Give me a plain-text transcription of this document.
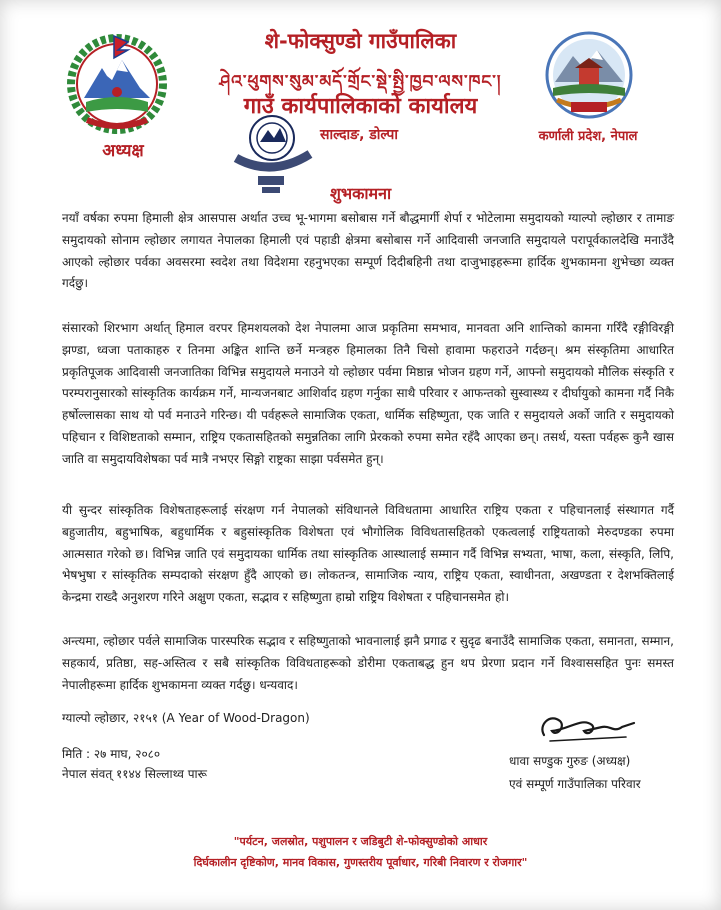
अध्यक्ष
शे-फोक्सुण्डो गाउँपालिका
ཤེའ་ཕུགས་སུམ་མདོ་གྲོང་སྡེ་སྤྱི་ཁྱབ་ལས་ཁང་།
गाउँ कार्यपालिकाको कार्यालय
साल्दाङ, डोल्पा	कर्णाली प्रदेश, नेपाल
शुभकामना
नयाँ वर्षका रुपमा हिमाली क्षेत्र आसपास अर्थात उच्च भू-भागमा बसोबास गर्ने बौद्धमार्गी शेर्पा र भोटेलामा समुदायको ग्याल्पो ल्होछार र तामाङ समुदायको सोनाम ल्होछार लगायत नेपालका हिमाली एवं पहाडी क्षेत्रमा बसोबास गर्ने आदिवासी जनजाति समुदायले परापूर्वकालदेखि मनाउँदै आएको ल्होछार पर्वका अवसरमा स्वदेश तथा विदेशमा रहनुभएका सम्पूर्ण दिदीबहिनी तथा दाजुभाइहरूमा हार्दिक शुभकामना शुभेच्छा व्यक्त गर्दछु।
संसारको शिरभाग अर्थात् हिमाल वरपर हिमशयलको देश नेपालमा आज प्रकृतिमा समभाव, मानवता अनि शान्तिको कामना गरिँदै रङ्गीविरङ्गी झण्डा, ध्वजा पताकाहरु र तिनमा अङ्कित शान्ति छर्ने मन्त्रहरु हिमालका तिनै चिसो हावामा फहराउने गर्दछन्। श्रम संस्कृतिमा आधारित प्रकृतिपूजक आदिवासी जनजातिका विभिन्न समुदायले मनाउने यो ल्होछार पर्वमा मिष्ठान्न भोजन ग्रहण गर्ने, आफ्नो समुदायको मौलिक संस्कृति र परम्परानुसारको सांस्कृतिक कार्यक्रम गर्ने, मान्यजनबाट आशिर्वाद ग्रहण गर्नुका साथै परिवार र आफन्तको सुस्वास्थ्य र दीर्घायुको कामना गर्दै निकै हर्षोल्लासका साथ यो पर्व मनाउने गरिन्छ। यी पर्वहरूले सामाजिक एकता, धार्मिक सहिष्णुता, एक जाति र समुदायले अर्को जाति र समुदायको पहिचान र विशिष्टताको सम्मान, राष्ट्रिय एकतासहितको समुन्नतिका लागि प्रेरकको रुपमा समेत रहँदै आएका छन्। तसर्थ, यस्ता पर्वहरू कुनै खास जाति वा समुदायविशेषका पर्व मात्रै नभएर सिङ्गो राष्ट्रका साझा पर्वसमेत हुन्।
यी सुन्दर सांस्कृतिक विशेषताहरूलाई संरक्षण गर्न नेपालको संविधानले विविधतामा आधारित राष्ट्रिय एकता र पहिचानलाई संस्थागत गर्दै बहुजातीय, बहुभाषिक, बहुधार्मिक र बहुसांस्कृतिक विशेषता एवं भौगोलिक विविधतासहितको एकत्वलाई राष्ट्रियताको मेरुदण्डका रुपमा आत्मसात गरेको छ। विभिन्न जाति एवं समुदायका धार्मिक तथा सांस्कृतिक आस्थालाई सम्मान गर्दै विभिन्न सभ्यता, भाषा, कला, संस्कृति, लिपि, भेषभुषा र सांस्कृतिक सम्पदाको संरक्षण हुँदै आएको छ। लोकतन्त्र, सामाजिक न्याय, राष्ट्रिय एकता, स्वाधीनता, अखण्डता र देशभक्तिलाई केन्द्रमा राख्दै अनुशरण गरिने अक्षुण एकता, सद्भाव र सहिष्णुता हाम्रो राष्ट्रिय विशेषता र पहिचानसमेत हो।
अन्त्यमा, ल्होछार पर्वले सामाजिक पारस्परिक सद्भाव र सहिष्णुताको भावनालाई झनै प्रगाढ र सुदृढ बनाउँदै सामाजिक एकता, समानता, सम्मान, सहकार्य, प्रतिष्ठा, सह-अस्तित्व र सबै सांस्कृतिक विविधताहरूको डोरीमा एकताबद्ध हुन थप प्रेरणा प्रदान गर्ने विश्वाससहित पुनः समस्त नेपालीहरूमा हार्दिक शुभकामना व्यक्त गर्दछु। धन्यवाद।
ग्याल्पो ल्होछार, २१५१ (A Year of Wood-Dragon)
मिति : २७ माघ, २०८०
नेपाल संवत् ११४४ सिल्लाथ्व पारू
धावा सण्डुक गुरुङ (अध्यक्ष)
एवं सम्पूर्ण गाउँपालिका परिवार
"पर्यटन, जलस्रोत, पशुपालन र जडिबुटी शे-फोक्सुण्डोको आधार
दिर्घकालीन दृष्टिकोण, मानव विकास, गुणस्तरीय पूर्वाधार, गरिबी निवारण र रोजगार"
